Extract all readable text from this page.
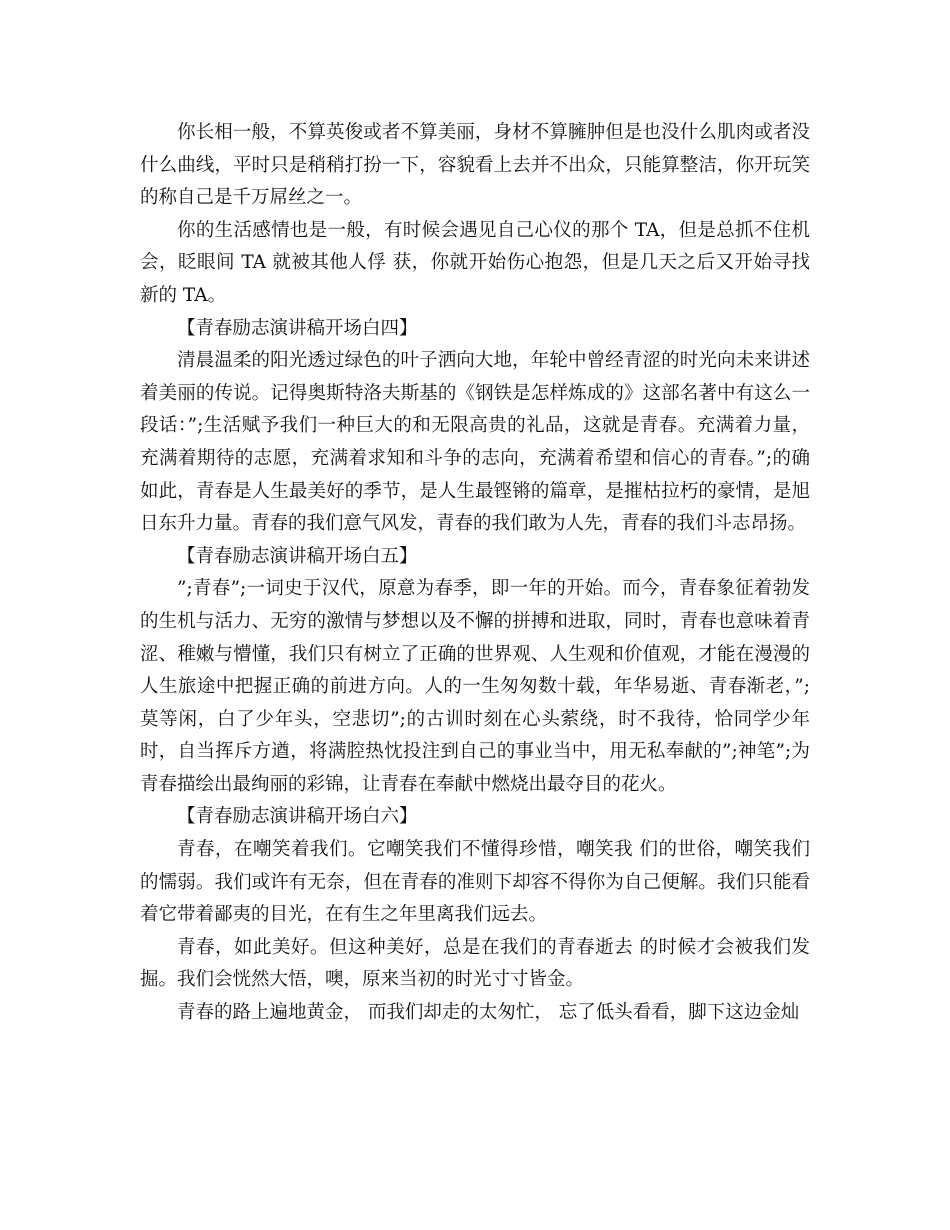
你长相一般，不算英俊或者不算美丽，身材不算臃肿但是也没什么肌肉或者没什么曲线，平时只是稍稍打扮一下，容貌看上去并不出众，只能算整洁，你开玩笑的称自己是千万屌丝之一。

你的生活感情也是一般，有时候会遇见自己心仪的那个 TA，但是总抓不住机会，眨眼间 TA 就被其他人俘 获，你就开始伤心抱怨，但是几天之后又开始寻找新的 TA。

【青春励志演讲稿开场白四】

清晨温柔的阳光透过绿色的叶子洒向大地，年轮中曾经青涩的时光向未来讲述着美丽的传说。记得奥斯特洛夫斯基的《钢铁是怎样炼成的》这部名著中有这么一段话：”;生活赋予我们一种巨大的和无限高贵的礼品，这就是青春。充满着力量，充满着期待的志愿，充满着求知和斗争的志向，充满着希望和信心的青春。”;的确如此，青春是人生最美好的季节，是人生最铿锵的篇章，是摧枯拉朽的豪情，是旭日东升力量。青春的我们意气风发，青春的我们敢为人先，青春的我们斗志昂扬。

【青春励志演讲稿开场白五】

”;青春”;一词史于汉代，原意为春季，即一年的开始。而今，青春象征着勃发的生机与活力、无穷的激情与梦想以及不懈的拼搏和进取，同时，青春也意味着青涩、稚嫩与懵懂，我们只有树立了正确的世界观、人生观和价值观，才能在漫漫的人生旅途中把握正确的前进方向。人的一生匆匆数十载，年华易逝、青春渐老，”;莫等闲，白了少年头，空悲切”;的古训时刻在心头萦绕，时不我待，恰同学少年时，自当挥斥方遒，将满腔热忱投注到自己的事业当中，用无私奉献的”;神笔”;为青春描绘出最绚丽的彩锦，让青春在奉献中燃烧出最夺目的花火。

【青春励志演讲稿开场白六】

青春，在嘲笑着我们。它嘲笑我们不懂得珍惜，嘲笑我 们的世俗，嘲笑我们的懦弱。我们或许有无奈，但在青春的准则下却容不得你为自己便解。我们只能看着它带着鄙夷的目光，在有生之年里离我们远去。

青春，如此美好。但这种美好，总是在我们的青春逝去 的时候才会被我们发掘。我们会恍然大悟，噢，原来当初的时光寸寸皆金。

青春的路上遍地黄金， 而我们却走的太匆忙， 忘了低头看看，脚下这边金灿
